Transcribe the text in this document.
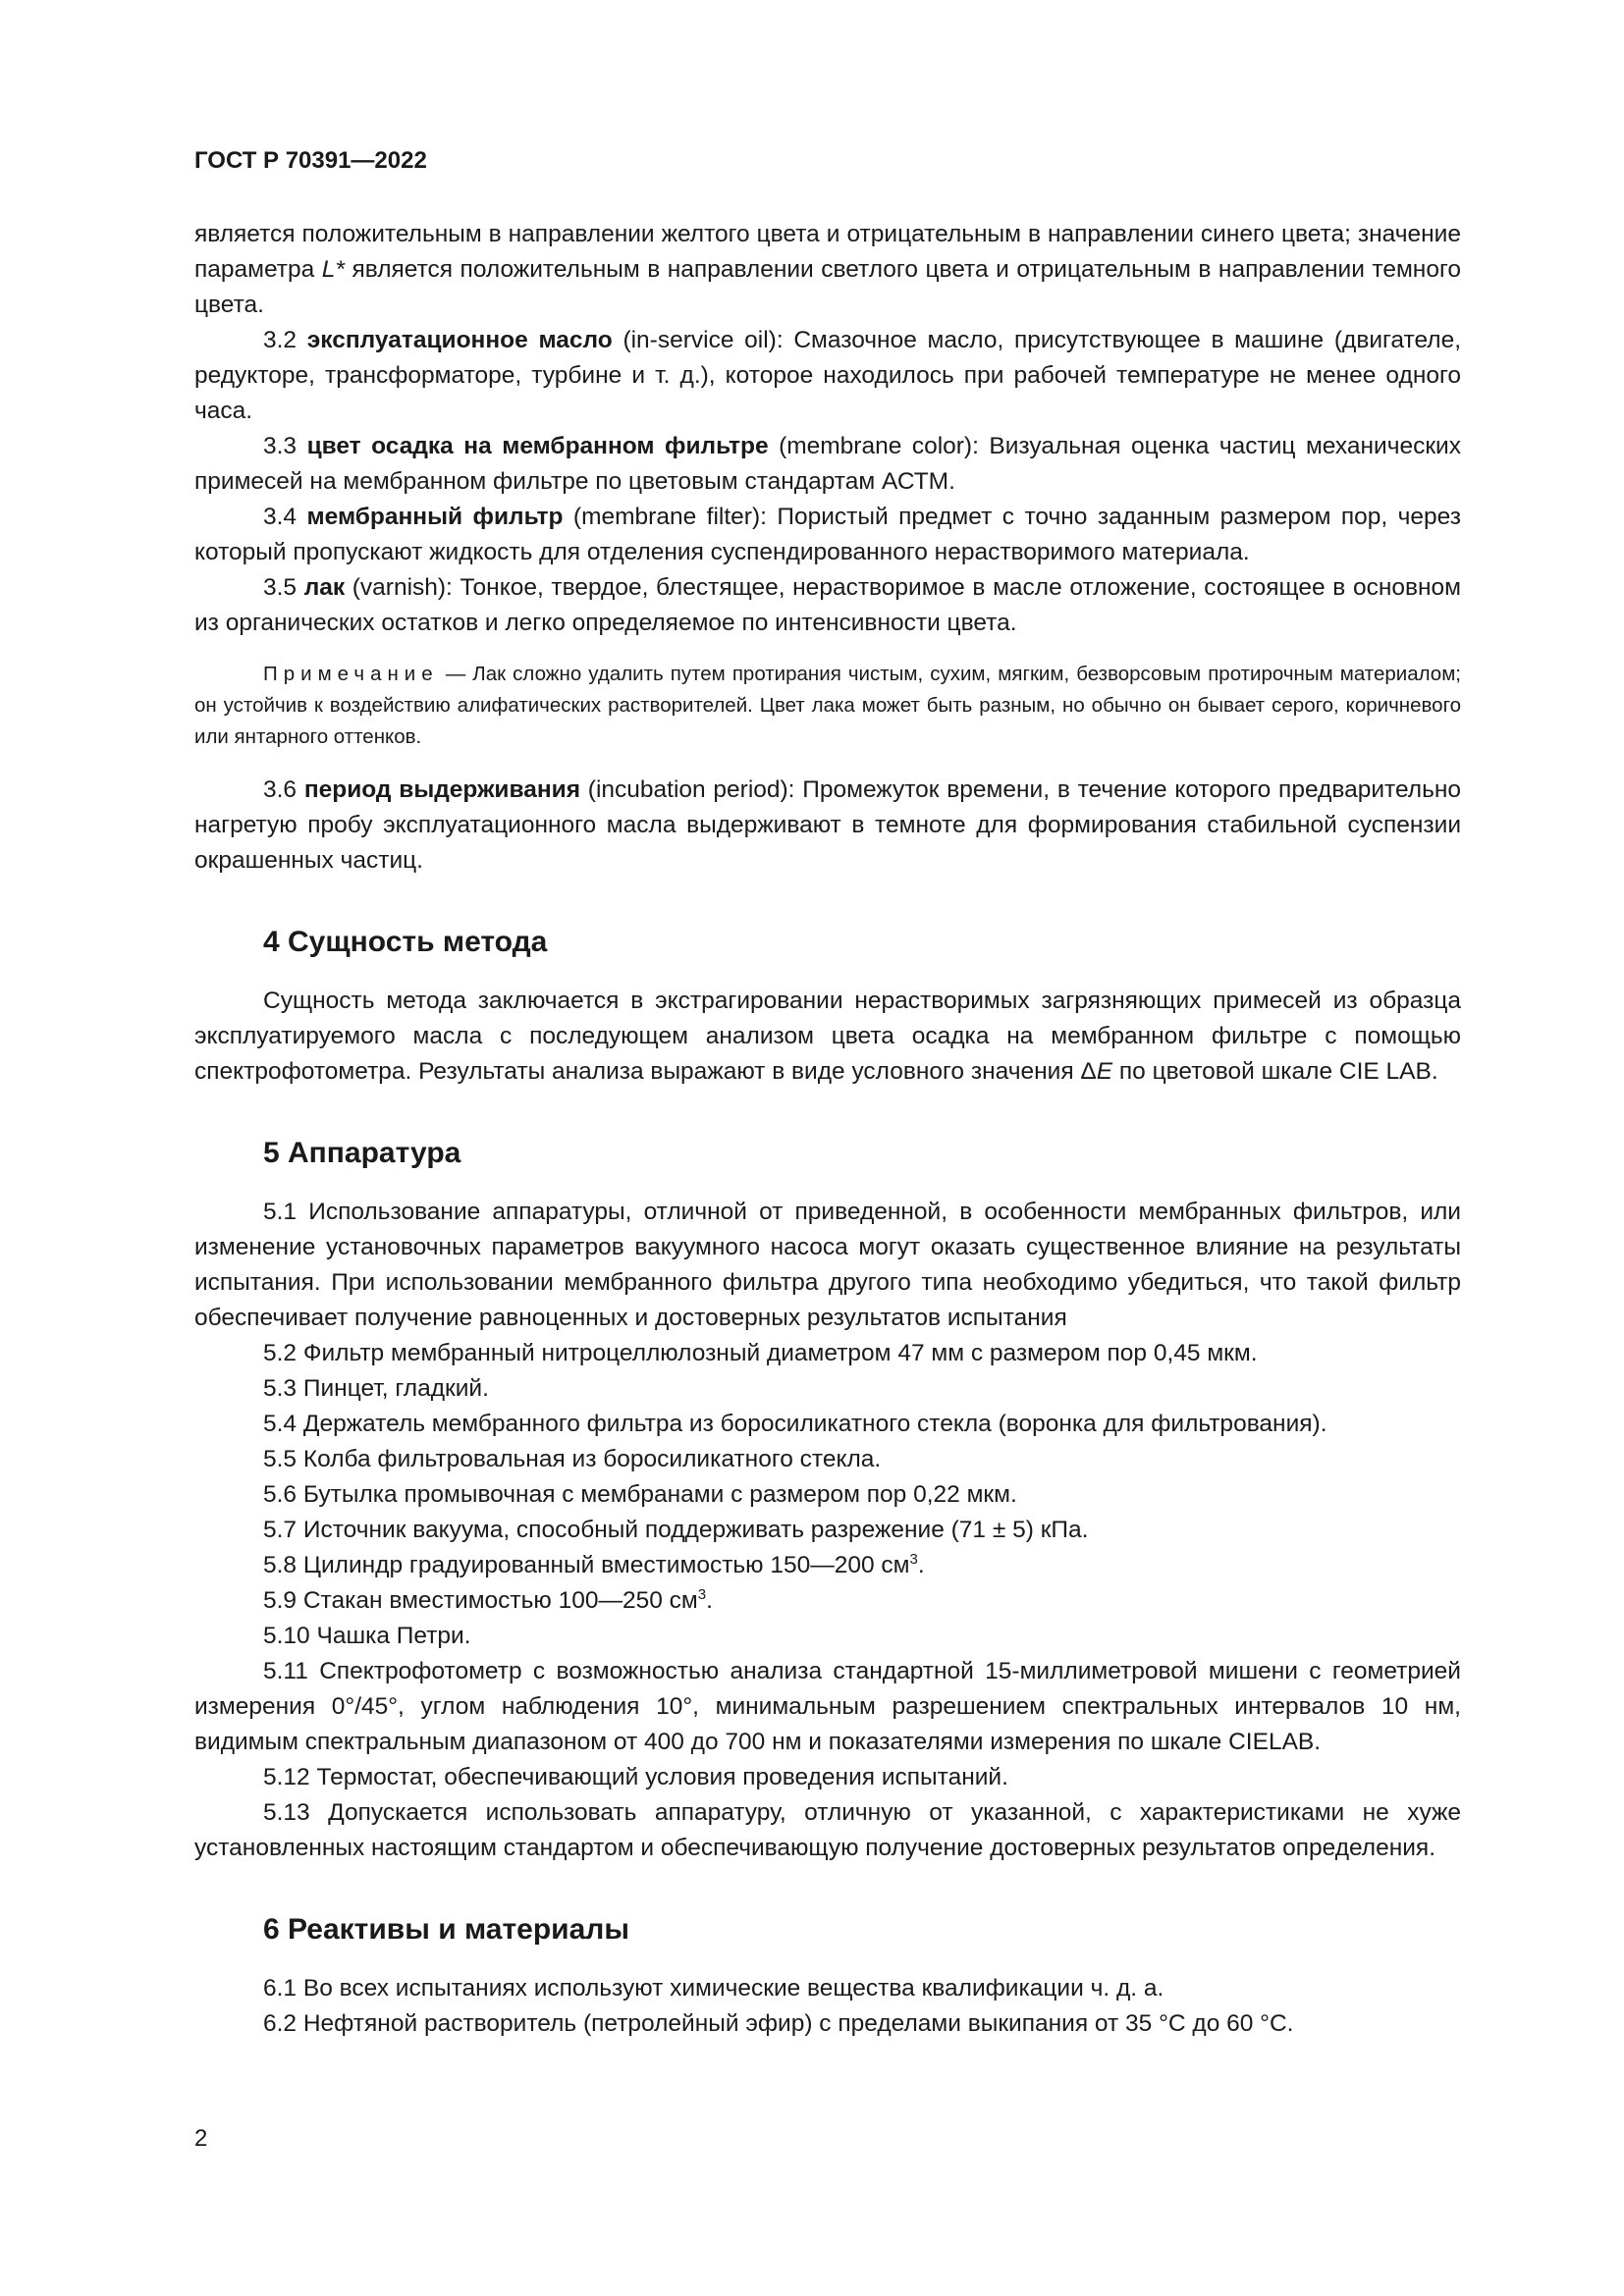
ГОСТ Р 70391—2022

является положительным в направлении желтого цвета и отрицательным в направлении синего цвета; значение параметра L* является положительным в направлении светлого цвета и отрицательным в направлении темного цвета.

3.2 эксплуатационное масло (in-service oil): Смазочное масло, присутствующее в машине (двигателе, редукторе, трансформаторе, турбине и т. д.), которое находилось при рабочей температуре не менее одного часа.

3.3 цвет осадка на мембранном фильтре (membrane color): Визуальная оценка частиц механических примесей на мембранном фильтре по цветовым стандартам АСТМ.

3.4 мембранный фильтр (membrane filter): Пористый предмет с точно заданным размером пор, через который пропускают жидкость для отделения суспендированного нерастворимого материала.

3.5 лак (varnish): Тонкое, твердое, блестящее, нерастворимое в масле отложение, состоящее в основном из органических остатков и легко определяемое по интенсивности цвета.

Примечание — Лак сложно удалить путем протирания чистым, сухим, мягким, безворсовым протирочным материалом; он устойчив к воздействию алифатических растворителей. Цвет лака может быть разным, но обычно он бывает серого, коричневого или янтарного оттенков.

3.6 период выдерживания (incubation period): Промежуток времени, в течение которого предварительно нагретую пробу эксплуатационного масла выдерживают в темноте для формирования стабильной суспензии окрашенных частиц.

4 Сущность метода

Сущность метода заключается в экстрагировании нерастворимых загрязняющих примесей из образца эксплуатируемого масла с последующем анализом цвета осадка на мембранном фильтре с помощью спектрофотометра. Результаты анализа выражают в виде условного значения ΔE по цветовой шкале CIE LAB.

5 Аппаратура

5.1 Использование аппаратуры, отличной от приведенной, в особенности мембранных фильтров, или изменение установочных параметров вакуумного насоса могут оказать существенное влияние на результаты испытания. При использовании мембранного фильтра другого типа необходимо убедиться, что такой фильтр обеспечивает получение равноценных и достоверных результатов испытания

5.2 Фильтр мембранный нитроцеллюлозный диаметром 47 мм с размером пор 0,45 мкм.

5.3 Пинцет, гладкий.

5.4 Держатель мембранного фильтра из боросиликатного стекла (воронка для фильтрования).

5.5 Колба фильтровальная из боросиликатного стекла.

5.6 Бутылка промывочная с мембранами с размером пор 0,22 мкм.

5.7 Источник вакуума, способный поддерживать разрежение (71 ± 5) кПа.

5.8 Цилиндр градуированный вместимостью 150—200 $см^3$.

5.9 Стакан вместимостью 100—250 $см^3$.

5.10 Чашка Петри.

5.11 Спектрофотометр с возможностью анализа стандартной 15-миллиметровой мишени с геометрией измерения 0°/45°, углом наблюдения 10°, минимальным разрешением спектральных интервалов 10 нм, видимым спектральным диапазоном от 400 до 700 нм и показателями измерения по шкале CIELAB.

5.12 Термостат, обеспечивающий условия проведения испытаний.

5.13 Допускается использовать аппаратуру, отличную от указанной, с характеристиками не хуже установленных настоящим стандартом и обеспечивающую получение достоверных результатов определения.

6 Реактивы и материалы

6.1 Во всех испытаниях используют химические вещества квалификации ч. д. а.

6.2 Нефтяной растворитель (петролейный эфир) с пределами выкипания от 35 °С до 60 °С.

2
